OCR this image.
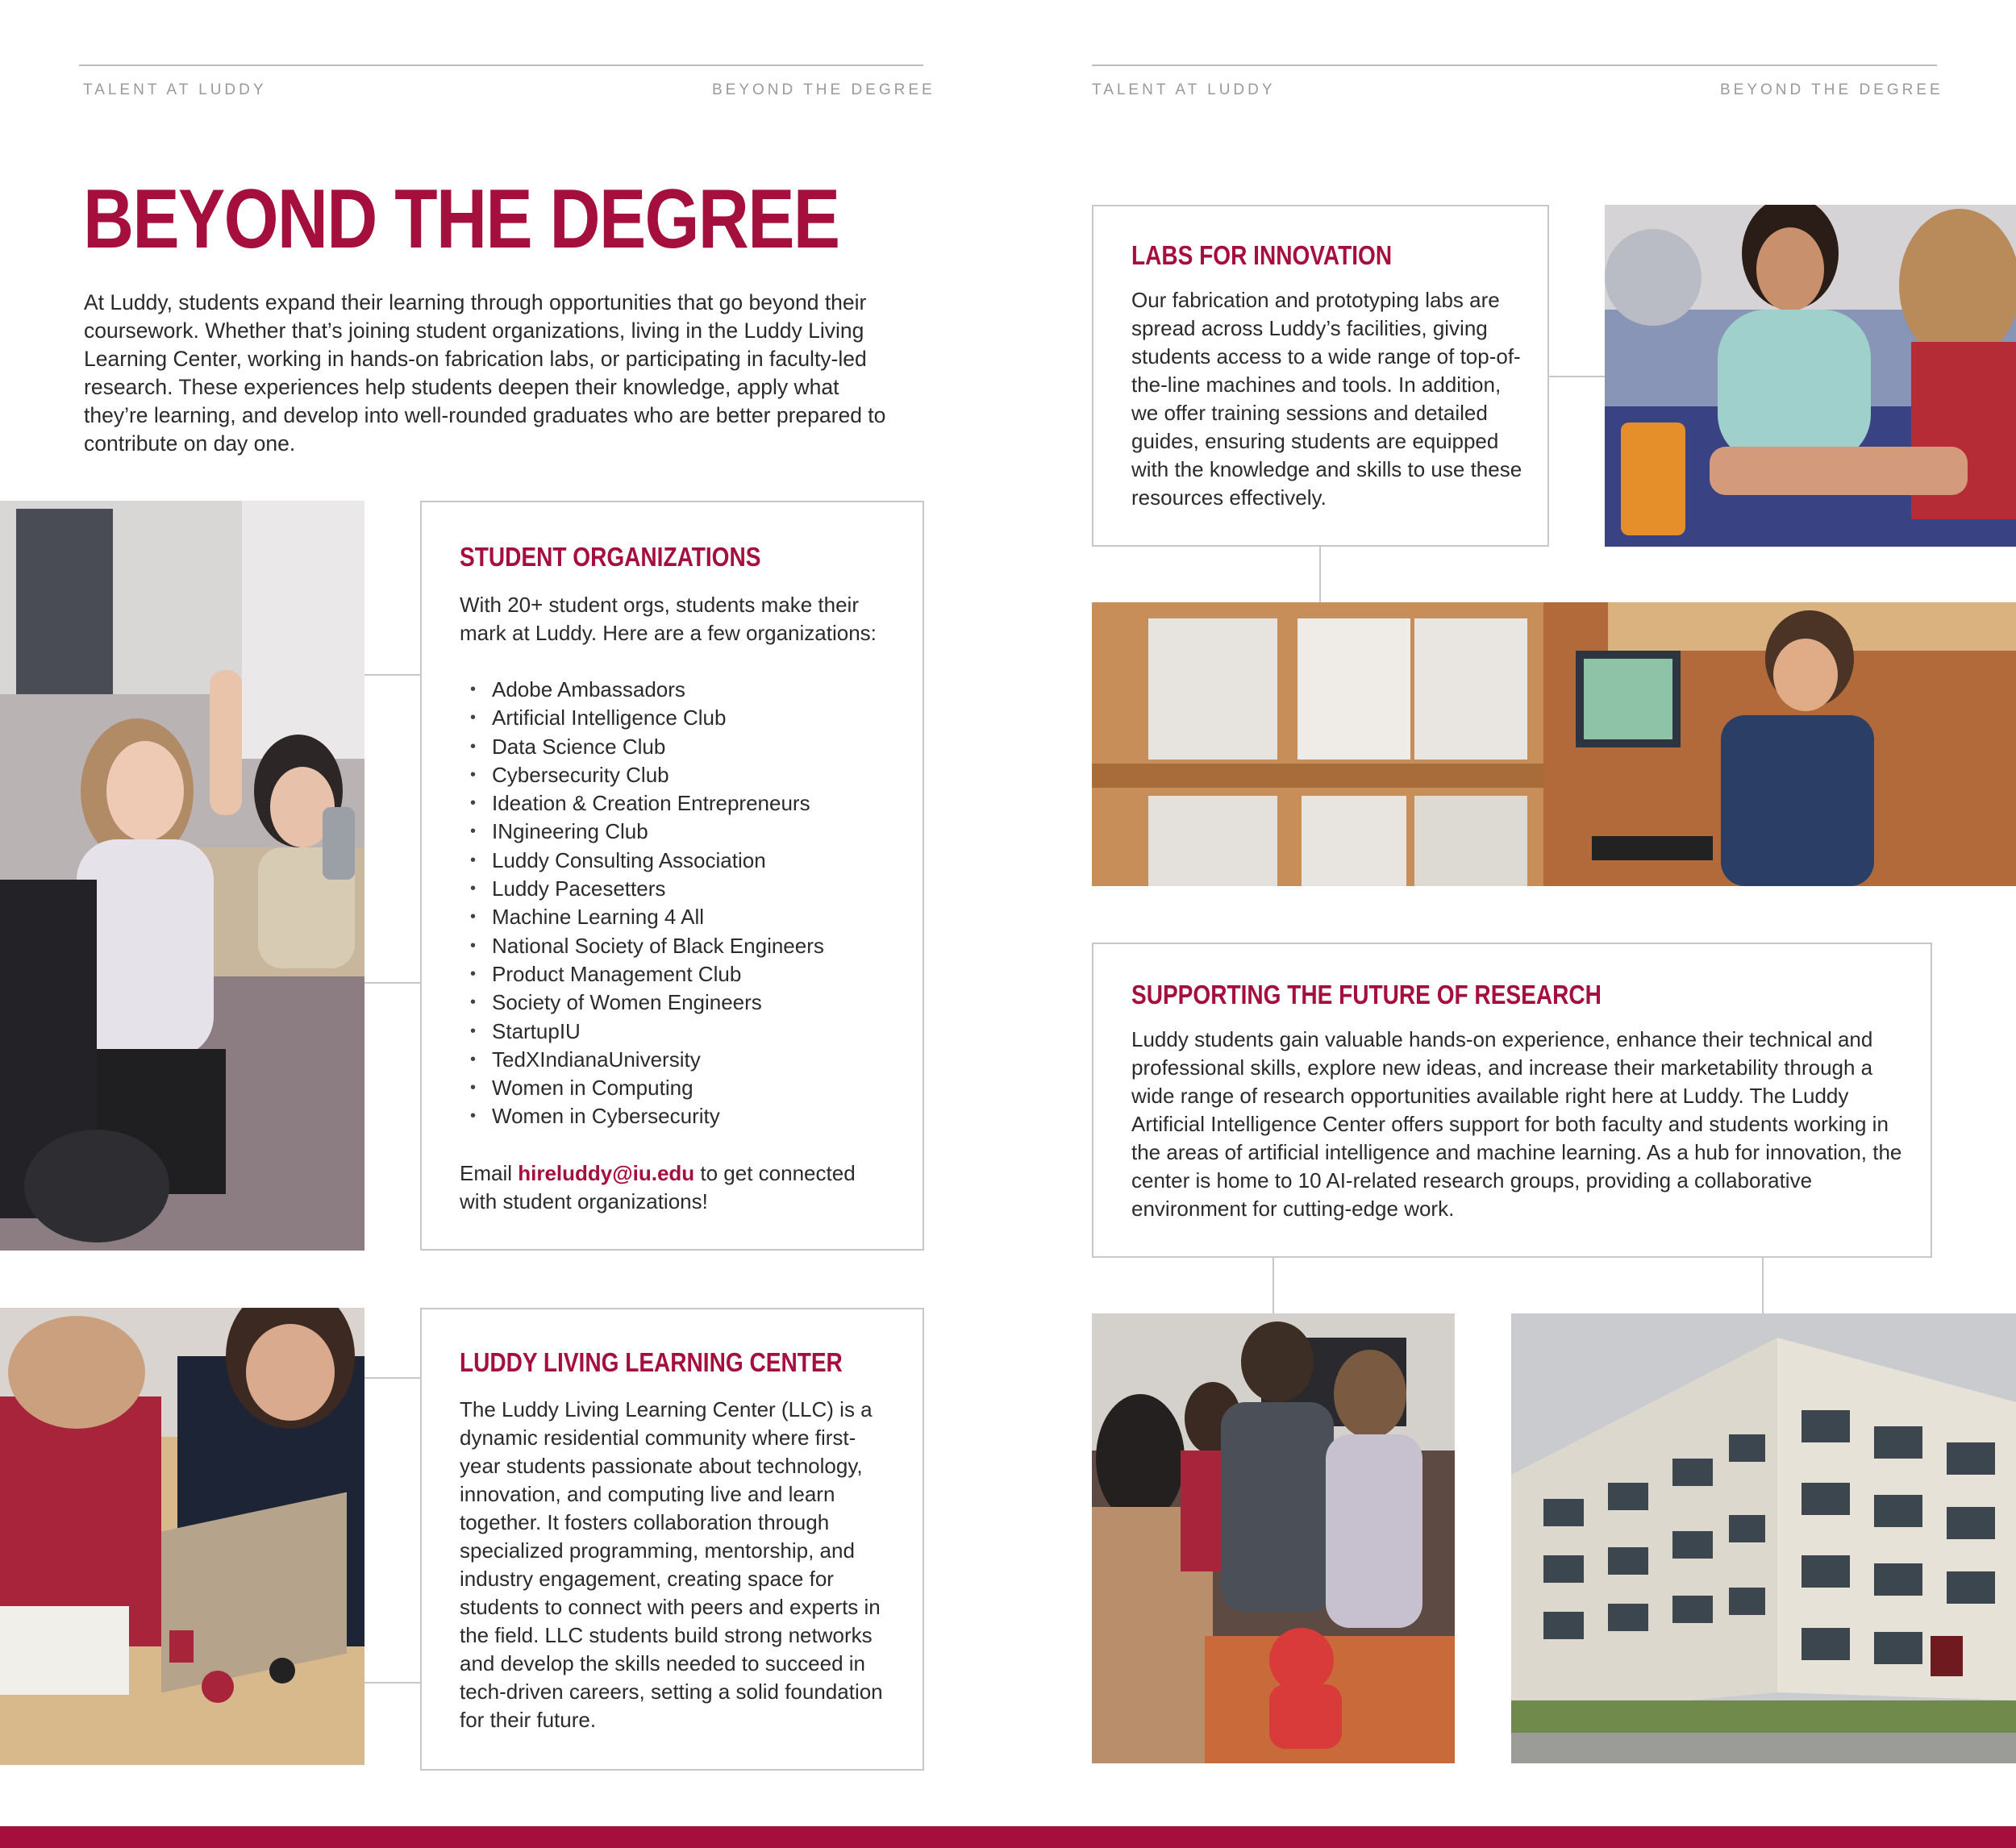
TALENT AT LUDDY	BEYOND THE DEGREE	TALENT AT LUDDY	BEYOND THE DEGREE
BEYOND THE DEGREE

At Luddy, students expand their learning through opportunities that go beyond their coursework. Whether that’s joining student organizations, living in the Luddy Living Learning Center, working in hands-on fabrication labs, or participating in faculty-led research. These experiences help students deepen their knowledge, apply what they’re learning, and develop into well-rounded graduates who are better prepared to contribute on day one.

STUDENT ORGANIZATIONS

With 20+ student orgs, students make their mark at Luddy. Here are a few organizations:

• Adobe Ambassadors
• Artificial Intelligence Club
• Data Science Club
• Cybersecurity Club
• Ideation & Creation Entrepreneurs
• INgineering Club
• Luddy Consulting Association
• Luddy Pacesetters
• Machine Learning 4 All
• National Society of Black Engineers
• Product Management Club
• Society of Women Engineers
• StartupIU
• TedXIndianaUniversity
• Women in Computing
• Women in Cybersecurity

Email hireluddy@iu.edu to get connected with student organizations!

LUDDY LIVING LEARNING CENTER

The Luddy Living Learning Center (LLC) is a dynamic residential community where first-year students passionate about technology, innovation, and computing live and learn together. It fosters collaboration through specialized programming, mentorship, and industry engagement, creating space for students to connect with peers and experts in the field. LLC students build strong networks and develop the skills needed to succeed in tech-driven careers, setting a solid foundation for their future.

LABS FOR INNOVATION

Our fabrication and prototyping labs are spread across Luddy’s facilities, giving students access to a wide range of top-of-the-line machines and tools. In addition, we offer training sessions and detailed guides, ensuring students are equipped with the knowledge and skills to use these resources effectively.

SUPPORTING THE FUTURE OF RESEARCH

Luddy students gain valuable hands-on experience, enhance their technical and professional skills, explore new ideas, and increase their marketability through a wide range of research opportunities available right here at Luddy. The Luddy Artificial Intelligence Center offers support for both faculty and students working in the areas of artificial intelligence and machine learning. As a hub for innovation, the center is home to 10 AI-related research groups, providing a collaborative environment for cutting-edge work.
